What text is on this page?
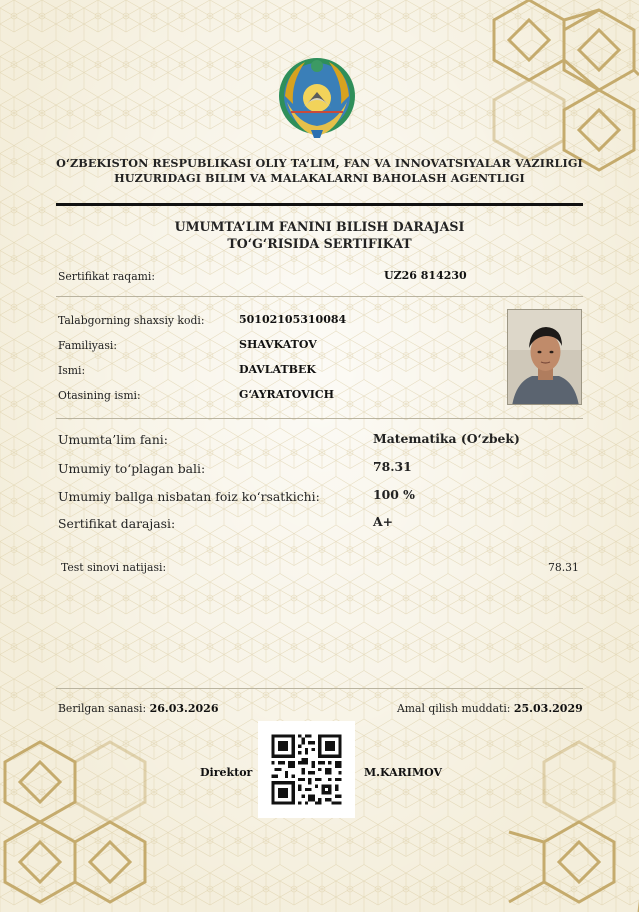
O‘ZBEKISTON RESPUBLIKASI OLIY TA’LIM, FAN VA INNOVATSIYALAR VAZIRLIGI
HUZURIDAGI BILIM VA MALAKALARNI BAHOLASH AGENTLIGI
UMUMTA’LIM FANINI BILISH DARAJASI
TO‘G‘RISIDA SERTIFIKAT
Sertifikat raqami:	UZ26 814230
Talabgorning shaxsiy kodi:	50102105310084
Familiyasi:	SHAVKATOV
Ismi:	DAVLATBEK
Otasining ismi:	G‘AYRATOVICH
Umumta’lim fani:	Matematika (O‘zbek)
Umumiy to‘plagan bali:	78.31
Umumiy ballga nisbatan foiz ko‘rsatkichi:	100 %
Sertifikat darajasi:	A+
Test sinovi natijasi:	78.31
Berilgan sanasi: 26.03.2026	Amal qilish muddati: 25.03.2029
Direktor	M.KARIMOV
